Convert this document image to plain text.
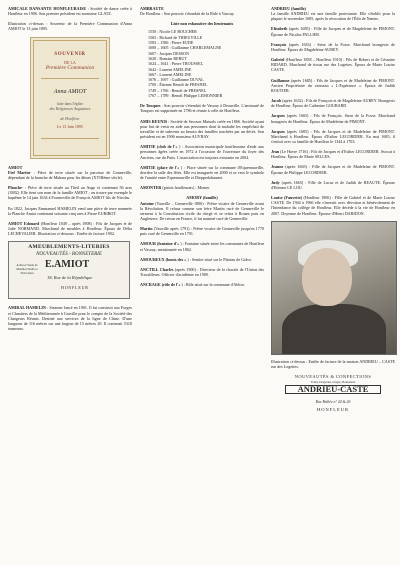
AMICALE DANSANTE HONFLEURAISE : Société de danse créée à Honfleur en 1906. Son premier président est monsieur GLATZ.
Illustration ci-dessus : Souvenir de la Première Communion d'Anna AMIOT le 13 juin 1895.
SOUVENIR
DE LA
Première Communion
Anna AMIOT
faite dans l'église
des Religieuses Augustines
de Honfleur
Le 13 Juin 1895
AMIOT
Fief Martin- : Pièce de terre située sur la paroisse de Gonneville, dépendant de la branche de Mahara pour les dîmes (XVIIIème siècle).
Planche- : Pièce de terre située au Theil au Auge et contenant 56 ares (1882). Elle tient son nom de la famille AMIOT ; on trouve par exemple le baptême le 14 juin 1634 à Fourneville de François AMIOT fils de Nicolas.
En 1822, Jacques Emmanuel HAMELIN vend une pièce de terre nommée la Planche Amiot contenant soixante cinq ares à Pierre EURIBOT.
AMIOT Edouard (Honfleur 1849 – après 1908) : Fils de Jacques et de Julie NORMAND. Marchand de meubles à Honfleur. Époux de Délia LECHEVALIER. Illustration ci-dessous : Entête de facture 1902.
AMEUBLEMENTS-LITERIES
NOUVEAUTÉS - BONNETERIE
Achat et Vente de Meubles Neufs et d'Occasion
E.AMIOT
18, Rue de la République
HONFLEUR
AMIRAL HAMELIN : Steamer lancé en 1901. Il fut construit aux Forges et Chantiers de la Méditerranée à Graville pour le compte de la Société des Chargeurs Réunis. Destiné aux services de la ligne de Chine. D'une longueur de 116 mètres sur une largeur de 15 mètres 20. Il contenait 5310 tonneaux.
AMBRAUTE
De Honfleur : Son pouvoir s'étendait de la Ride à Vasouy.
Liste non exhaustive des lieutenants
1550 : Nicole LE BOUCHER
1565 : Richard de THIEUVILLE
1583 – 1586 : Pierre EUDE
1600 – 1605 : Guillaume CHARLEMAGNE
1607 : Jacques DESSON
1620 : Romain REBUT
1624 – 1641 : Pierre TROUSSEL
1642 : Laurent AMELINE
1667 : Laurent AMELINE
1676 – 1697 : Guillaume DUVAL
1700 : Étienne Benoît de FRESNEL
1749 – 1766 : Benoît de FRESNEL
1767 – 1789 : Benoît Philippe LEMONNIER
De Touques : Son pouvoir s'étendait de Vasouy à Deauville. L'amirauté de Touques est supprimée en 1786 et réunie à celle de Honfleur.
AMIS REUNIS : Société de Secours Mutuels créée en 1866. Société ayant pour but de venir en aide aux personnes dont la maladie les empêchait de travailler et de subvenir au besoin des familles touchées par un décès. Son président est en 1906 monsieur AUVRAY.
AMITIE (club de l'« ) : Association municipale honfleuraise d'aide aux personnes âgées créée en 1972 à l'occasion de l'ouverture du foyer des Anciens, rue du Puits. L'association est toujours existante en 2004.
AMITIE (place de l'« ) : Place située sur la commune d'Equemauville, derrière la salle des fêtes. Elle est inaugurée en 2000 et se veut le symbole de l'amitié entre Equemauville et Dieppedalsaunet.
AMONTER (patois honfleurais) : Monter
AMORY (famille)
Antoine (Vauville – Genneville 1806) : Prêtre vicaire de Genneville avant la Révolution. Il refusa comme son frère Martin curé de Genneville le serment à la Constitution civile du clergé et se retira à Rouen puis en Angleterre. De retour en France, il fut nommé curé de Genneville.
Martin (Vauville après 1791) : Prêtre vicaire de Genneville jusqu'en 1770 puis curé de Genneville en 1791.
AMOUR (fontaine d'« ) : Fontaine située entre les communes de Honfleur et Vasouy, mentionnée en 1862.
AMOUREUX (bouts des « ) : Sentier situé sur le Plateau de Grâce.
ANCTILL Charles (après 1900) : Directeur de la chorale de l'Union des Travailleurs. Officier d'académie en 1900.
ANCRAGE (rôle de l'« ) : Rôle situé sur la commune d'Ablon.
ANDRIEU (famille)
La famille ANDRIEU est une famille protestante. Elle s'établit pour la plupart le novembre 1685, après la révocation de l'Édit de Nantes.
Elisabeth (après 1685) : Fille de Jacques et de Magdeleine de PIMONT. Épouse de Nicolas PALLIER.
François (après 1633) : Sieur de la Fosse. Marchand bourgeois de Honfleur. Époux de Magdeleine AUBEY.
Gabriel (Honfleur 1858 – Honfleur 1910) : Fils de Robert et de Césarine BIDARD. Marchand de tissus rue des Logettes. Époux de Marie Louise CASTE.
Guillaume (après 1685) : Fils de Jacques et de Madeleine de PIMONT. Ancien Propriétaire du vaisseau « L'Espérance ». Époux de Judith ROUTIER.
Jacob (après 1632) : Fils de François et de Magdeleine AUBEY. Bourgeois de Honfleur. Époux de Catherine GOUBARD.
Jacques (après 1665) : Fils de François. Sieur de la Fosse. Marchand bourgeois de Honfleur. Époux de Madeleine de PIMONT.
Jacques (après 1685) : Fils de Jacques et de Madeleine de PIMONT. Marchand à Honfleur. Époux d'Esther LECORDIER. En mai 1685, il s'enfuit avec sa famille de Honfleur le 1344 à 1703.
Jean (Le Havre 1716) : Fils de Jacques et d'Esther LECORDIER. Avocat à Honfleur. Époux de Marie SELLES.
Jeanne (après 1665) : Fille de Jacques et de Madeleine de PIMONT. Épouse de Philippe LECORDIER.
Judy (après 1665) : Fille de Lucas et de Judith de REAUTE. Épouse d'Etienne LE LOU.
Louise (Fauvette) (Honfleur 1906) : Fille de Gabriel et de Marie Louise CASTE. De 1944 à 1966 elle s'investit avec dévotion et bénévolement de l'Intendance du collège de Honfleur. Elle décède à la vie de Honfleur en 2007. Doyenne de Honfleur. Épouse d'Henri DARIDON.
Illustration ci-dessus : Entête de facture de la maison ANDRIEU – CASTE rue des Logettes.
NOUVEAUTÉS & CONFECTIONS
Toiles, Draperies, Linges, Bonneterie
ANDRIEU-CASTE
Rue Brûlée n° 24 & 26
HONFLEUR
